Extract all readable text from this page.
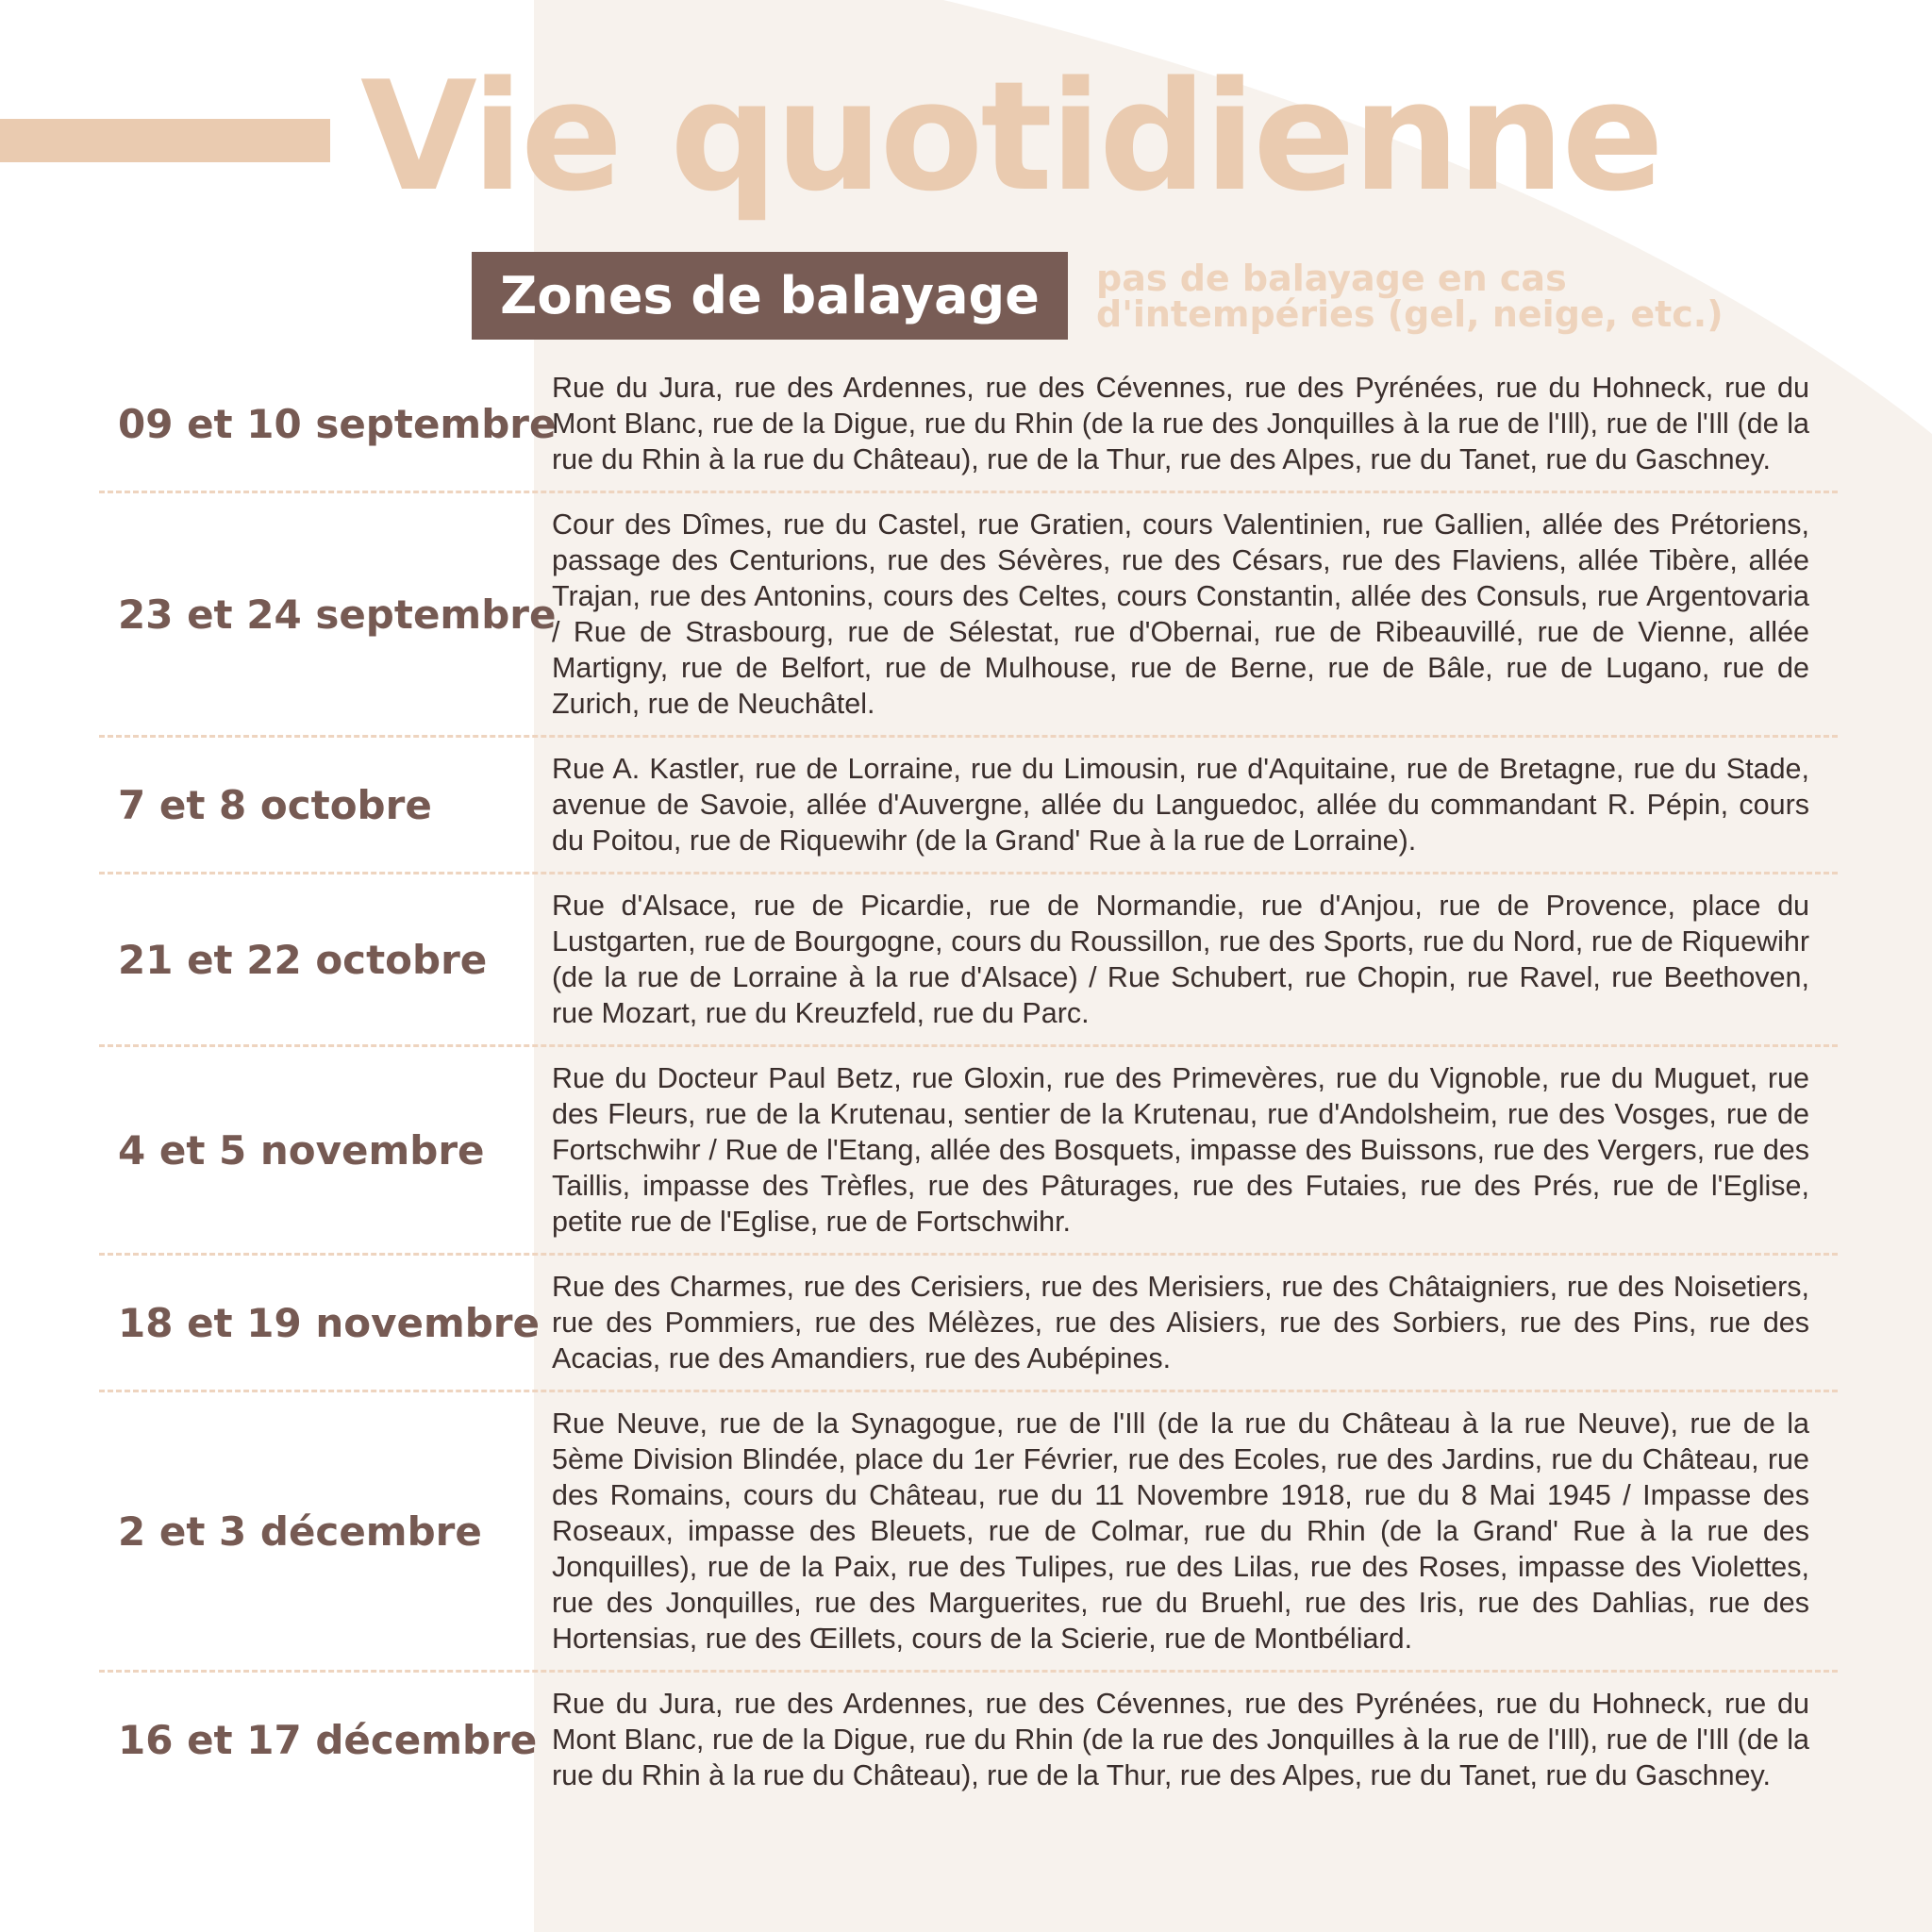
Vie quotidienne
Zones de balayage	pas de balayage en cas
d'intempéries (gel, neige, etc.)
09 et 10 septembre
Rue du Jura, rue des Ardennes, rue des Cévennes, rue des Pyrénées, rue du Hohneck, rue du Mont Blanc, rue de la Digue, rue du Rhin (de la rue des Jonquilles à la rue de l'Ill), rue de l'Ill (de la rue du Rhin à la rue du Château), rue de la Thur, rue des Alpes, rue du Tanet, rue du Gaschney.
23 et 24 septembre
Cour des Dîmes, rue du Castel, rue Gratien, cours Valentinien, rue Gallien, allée des Prétoriens, passage des Centurions, rue des Sévères, rue des Césars, rue des Flaviens, allée Tibère, allée Trajan, rue des Antonins, cours des Celtes, cours Constantin, allée des Consuls, rue Argentovaria / Rue de Strasbourg, rue de Sélestat, rue d'Obernai, rue de Ribeauvillé, rue de Vienne, allée Martigny, rue de Belfort, rue de Mulhouse, rue de Berne, rue de Bâle, rue de Lugano, rue de Zurich, rue de Neuchâtel.
7 et 8 octobre
Rue A. Kastler, rue de Lorraine, rue du Limousin, rue d'Aquitaine, rue de Bretagne, rue du Stade, avenue de Savoie, allée d'Auvergne, allée du Languedoc, allée du commandant R. Pépin, cours du Poitou, rue de Riquewihr (de la Grand' Rue à la rue de Lorraine).
21 et 22 octobre
Rue d'Alsace, rue de Picardie, rue de Normandie, rue d'Anjou, rue de Provence, place du Lustgarten, rue de Bourgogne, cours du Roussillon, rue des Sports, rue du Nord, rue de Riquewihr (de la rue de Lorraine à la rue d'Alsace) / Rue Schubert, rue Chopin, rue Ravel, rue Beethoven, rue Mozart, rue du Kreuzfeld, rue du Parc.
4 et 5 novembre
Rue du Docteur Paul Betz, rue Gloxin, rue des Primevères, rue du Vignoble, rue du Muguet, rue des Fleurs, rue de la Krutenau, sentier de la Krutenau, rue d'Andolsheim, rue des Vosges, rue de Fortschwihr / Rue de l'Etang, allée des Bosquets, impasse des Buissons, rue des Vergers, rue des Taillis, impasse des Trèfles, rue des Pâturages, rue des Futaies, rue des Prés, rue de l'Eglise, petite rue de l'Eglise, rue de Fortschwihr.
18 et 19 novembre
Rue des Charmes, rue des Cerisiers, rue des Merisiers, rue des Châtaigniers, rue des Noisetiers, rue des Pommiers, rue des Mélèzes, rue des Alisiers, rue des Sorbiers, rue des Pins, rue des Acacias, rue des Amandiers, rue des Aubépines.
2 et 3 décembre
Rue Neuve, rue de la Synagogue, rue de l'Ill (de la rue du Château à la rue Neuve), rue de la 5ème Division Blindée, place du 1er Février, rue des Ecoles, rue des Jardins, rue du Château, rue des Romains, cours du Château, rue du 11 Novembre 1918, rue du 8 Mai 1945 / Impasse des Roseaux, impasse des Bleuets, rue de Colmar, rue du Rhin (de la Grand' Rue à la rue des Jonquilles), rue de la Paix, rue des Tulipes, rue des Lilas, rue des Roses, impasse des Violettes, rue des Jonquilles, rue des Marguerites, rue du Bruehl, rue des Iris, rue des Dahlias, rue des Hortensias, rue des Œillets, cours de la Scierie, rue de Montbéliard.
16 et 17 décembre
Rue du Jura, rue des Ardennes, rue des Cévennes, rue des Pyrénées, rue du Hohneck, rue du Mont Blanc, rue de la Digue, rue du Rhin (de la rue des Jonquilles à la rue de l'Ill), rue de l'Ill (de la rue du Rhin à la rue du Château), rue de la Thur, rue des Alpes, rue du Tanet, rue du Gaschney.
